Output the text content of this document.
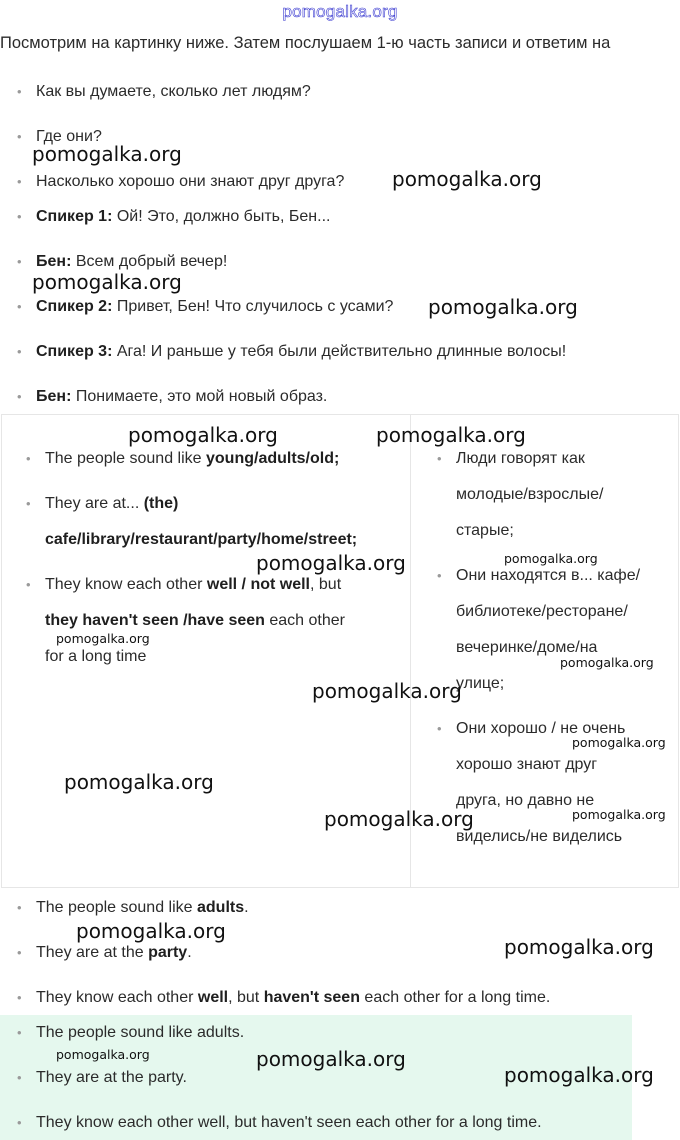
pomogalka.org
Посмотрим на картинку ниже. Затем послушаем 1-ю часть записи и ответим на
• Как вы думаете, сколько лет людям?
• Где они?
• Насколько хорошо они знают друг друга?
• Спикер 1: Ой! Это, должно быть, Бен...
• Бен: Всем добрый вечер!
• Спикер 2: Привет, Бен! Что случилось с усами?
• Спикер 3: Ага! И раньше у тебя были действительно длинные волосы!
• Бен: Понимаете, это мой новый образ.
• The people sound like young/adults/old;
• They are at... (the)
cafe/library/restaurant/party/home/street;
• They know each other well / not well, but
they haven't seen /have seen each other
for a long time
• Люди говорят как
молодые/взрослые/
старые;
• Они находятся в... кафе/
библиотеке/ресторане/
вечеринке/доме/на
улице;
• Они хорошо / не очень
хорошо знают друг
друга, но давно не
виделись/не виделись
• The people sound like adults.
• They are at the party.
• They know each other well, but haven't seen each other for a long time.
• The people sound like adults.
• They are at the party.
• They know each other well, but haven't seen each other for a long time.
pomogalka.org
pomogalka.org
pomogalka.org
pomogalka.org
pomogalka.org	pomogalka.org
pomogalka.org
pomogalka.org
pomogalka.org
pomogalka.org
pomogalka.org
pomogalka.org
pomogalka.org
pomogalka.org
pomogalka.org
pomogalka.org
pomogalka.org
pomogalka.org
pomogalka.org
pomogalka.org
